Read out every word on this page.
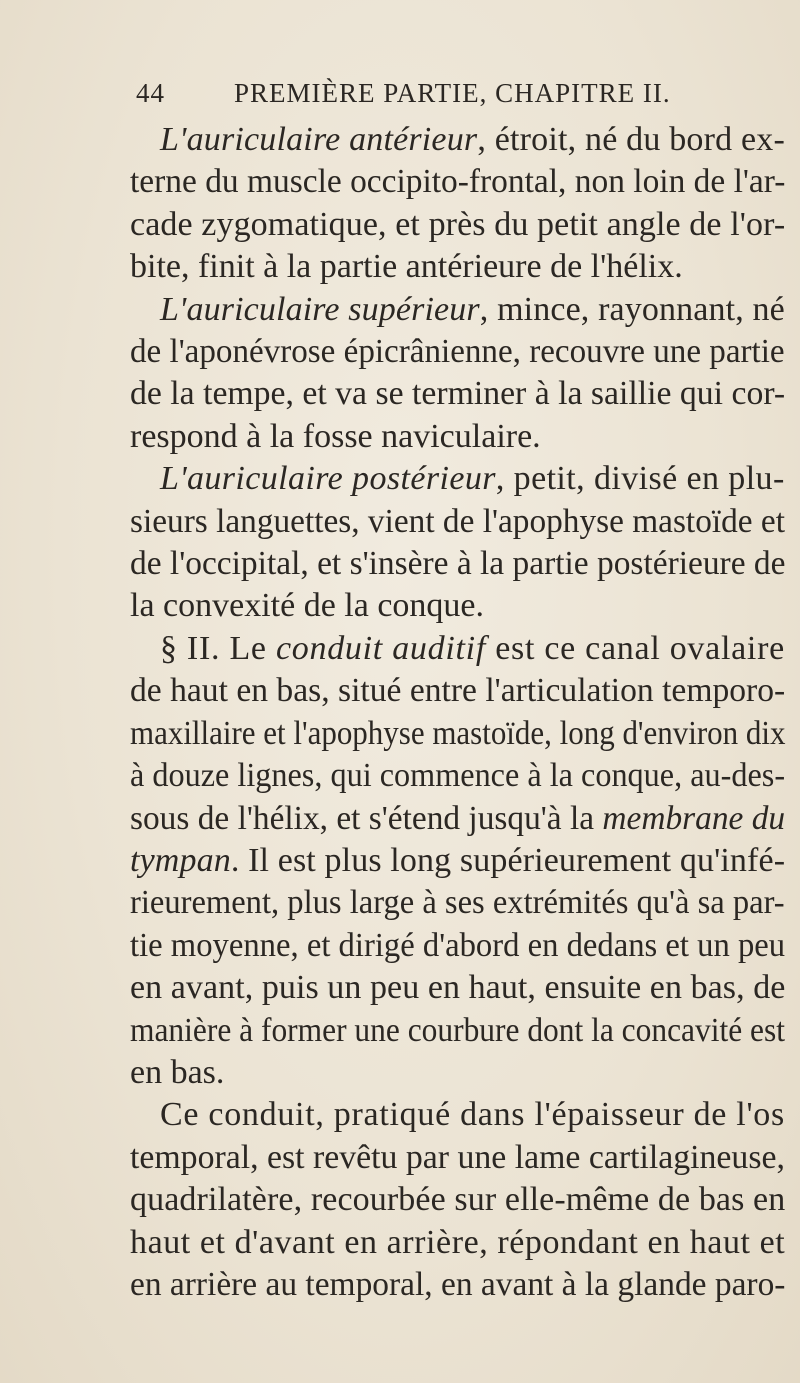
44	PREMIÈRE PARTIE, CHAPITRE II.
L'auriculaire antérieur, étroit, né du bord ex-
terne du muscle occipito-frontal, non loin de l'ar-
cade zygomatique, et près du petit angle de l'or-
bite, finit à la partie antérieure de l'hélix.
L'auriculaire supérieur, mince, rayonnant, né
de l'aponévrose épicrânienne, recouvre une partie
de la tempe, et va se terminer à la saillie qui cor-
respond à la fosse naviculaire.
L'auriculaire postérieur, petit, divisé en plu-
sieurs languettes, vient de l'apophyse mastoïde et
de l'occipital, et s'insère à la partie postérieure de
la convexité de la conque.
§ II. Le conduit auditif est ce canal ovalaire
de haut en bas, situé entre l'articulation temporo-
maxillaire et l'apophyse mastoïde, long d'environ dix
à douze lignes, qui commence à la conque, au-des-
sous de l'hélix, et s'étend jusqu'à la membrane du
tympan. Il est plus long supérieurement qu'infé-
rieurement, plus large à ses extrémités qu'à sa par-
tie moyenne, et dirigé d'abord en dedans et un peu
en avant, puis un peu en haut, ensuite en bas, de
manière à former une courbure dont la concavité est
en bas.
Ce conduit, pratiqué dans l'épaisseur de l'os
temporal, est revêtu par une lame cartilagineuse,
quadrilatère, recourbée sur elle-même de bas en
haut et d'avant en arrière, répondant en haut et
en arrière au temporal, en avant à la glande paro-
